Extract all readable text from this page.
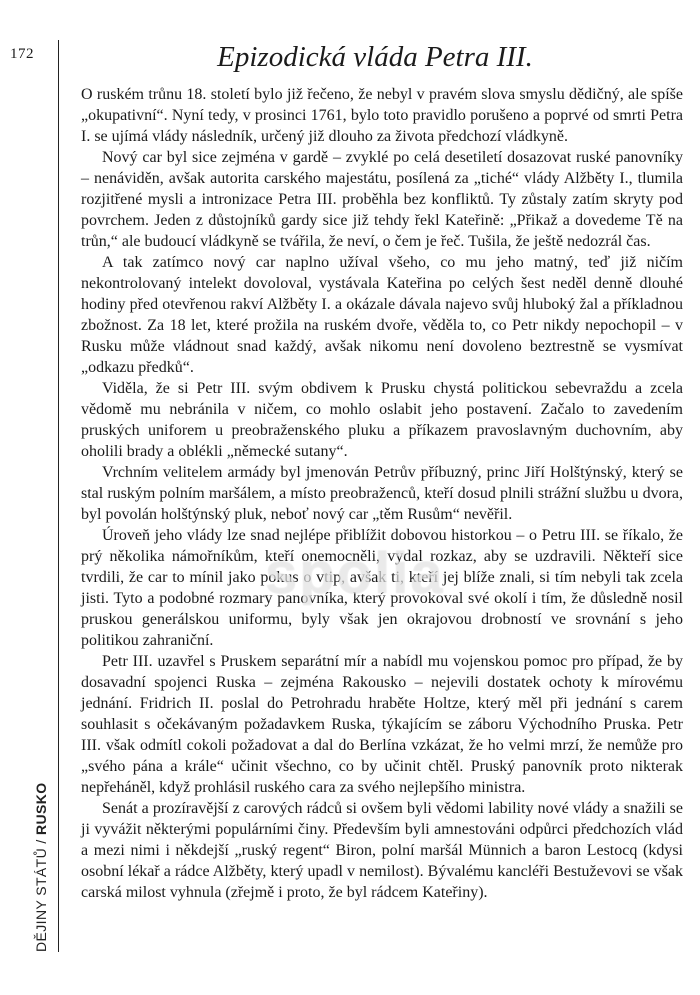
172
DĚJINY STÁTŮ / RUSKO
Epizodická vláda Petra III.

O ruském trůnu 18. století bylo již řečeno, že nebyl v pravém slova smyslu dědičný, ale spíše „okupativní“. Nyní tedy, v prosinci 1761, bylo toto pravidlo porušeno a poprvé od smrti Petra I. se ujímá vlády následník, určený již dlouho za života předchozí vládkyně.

Nový car byl sice zejména v gardě – zvyklé po celá desetiletí dosazovat ruské panovníky – nenáviděn, avšak autorita carského majestátu, posílená za „tiché“ vlády Alžběty I., tlumila rozjitřené mysli a intronizace Petra III. proběhla bez konfliktů. Ty zůstaly zatím skryty pod povrchem. Jeden z důstojníků gardy sice již tehdy řekl Kateřině: „Přikaž a dovedeme Tě na trůn,“ ale budoucí vládkyně se tvářila, že neví, o čem je řeč. Tušila, že ještě nedozrál čas.

A tak zatímco nový car naplno užíval všeho, co mu jeho matný, teď již ničím nekontrolovaný intelekt dovoloval, vystávala Kateřina po celých šest neděl denně dlouhé hodiny před otevřenou rakví Alžběty I. a okázale dávala najevo svůj hluboký žal a příkladnou zbožnost. Za 18 let, které prožila na ruském dvoře, věděla to, co Petr nikdy nepochopil – v Rusku může vládnout snad každý, avšak nikomu není dovoleno beztrestně se vysmívat „odkazu předků“.

Viděla, že si Petr III. svým obdivem k Prusku chystá politickou sebevraždu a zcela vědomě mu nebránila v ničem, co mohlo oslabit jeho postavení. Začalo to zavedením pruských uniforem u preobraženského pluku a příkazem pravoslavným duchovním, aby oholili brady a oblékli „německé sutany“.

Vrchním velitelem armády byl jmenován Petrův příbuzný, princ Jiří Holštýnský, který se stal ruským polním maršálem, a místo preobraženců, kteří dosud plnili strážní službu u dvora, byl povolán holštýnský pluk, neboť nový car „těm Rusům“ nevěřil.

Úroveň jeho vlády lze snad nejlépe přiblížit dobovou historkou – o Petru III. se říkalo, že prý několika námořníkům, kteří onemocněli, vydal rozkaz, aby se uzdravili. Někteří sice tvrdili, že car to mínil jako pokus o vtip, avšak ti, kteří jej blíže znali, si tím nebyli tak zcela jisti. Tyto a podobné rozmary panovníka, který provokoval své okolí i tím, že důsledně nosil pruskou generálskou uniformu, byly však jen okrajovou drobností ve srovnání s jeho politikou zahraniční.

Petr III. uzavřel s Pruskem separátní mír a nabídl mu vojenskou pomoc pro případ, že by dosavadní spojenci Ruska – zejména Rakousko – nejevili dostatek ochoty k mírovému jednání. Fridrich II. poslal do Petrohradu hraběte Holtze, který měl při jednání s carem souhlasit s očekávaným požadavkem Ruska, týkajícím se záboru Východního Pruska. Petr III. však odmítl cokoli požadovat a dal do Berlína vzkázat, že ho velmi mrzí, že nemůže pro „svého pána a krále“ učinit všechno, co by učinit chtěl. Pruský panovník proto nikterak nepřeháněl, když prohlásil ruského cara za svého nejlepšího ministra.

Senát a prozíravější z carových rádců si ovšem byli vědomi lability nové vlády a snažili se ji vyvážit některými populárními činy. Především byli amnestováni odpůrci předchozích vlád a mezi nimi i někdejší „ruský regent“ Biron, polní maršál Münnich a baron Lestocq (kdysi osobní lékař a rádce Alžběty, který upadl v nemilost). Bývalému kancléři Bestuževovi se však carská milost vyhnula (zřejmě i proto, že byl rádcem Kateřiny).

spolia
